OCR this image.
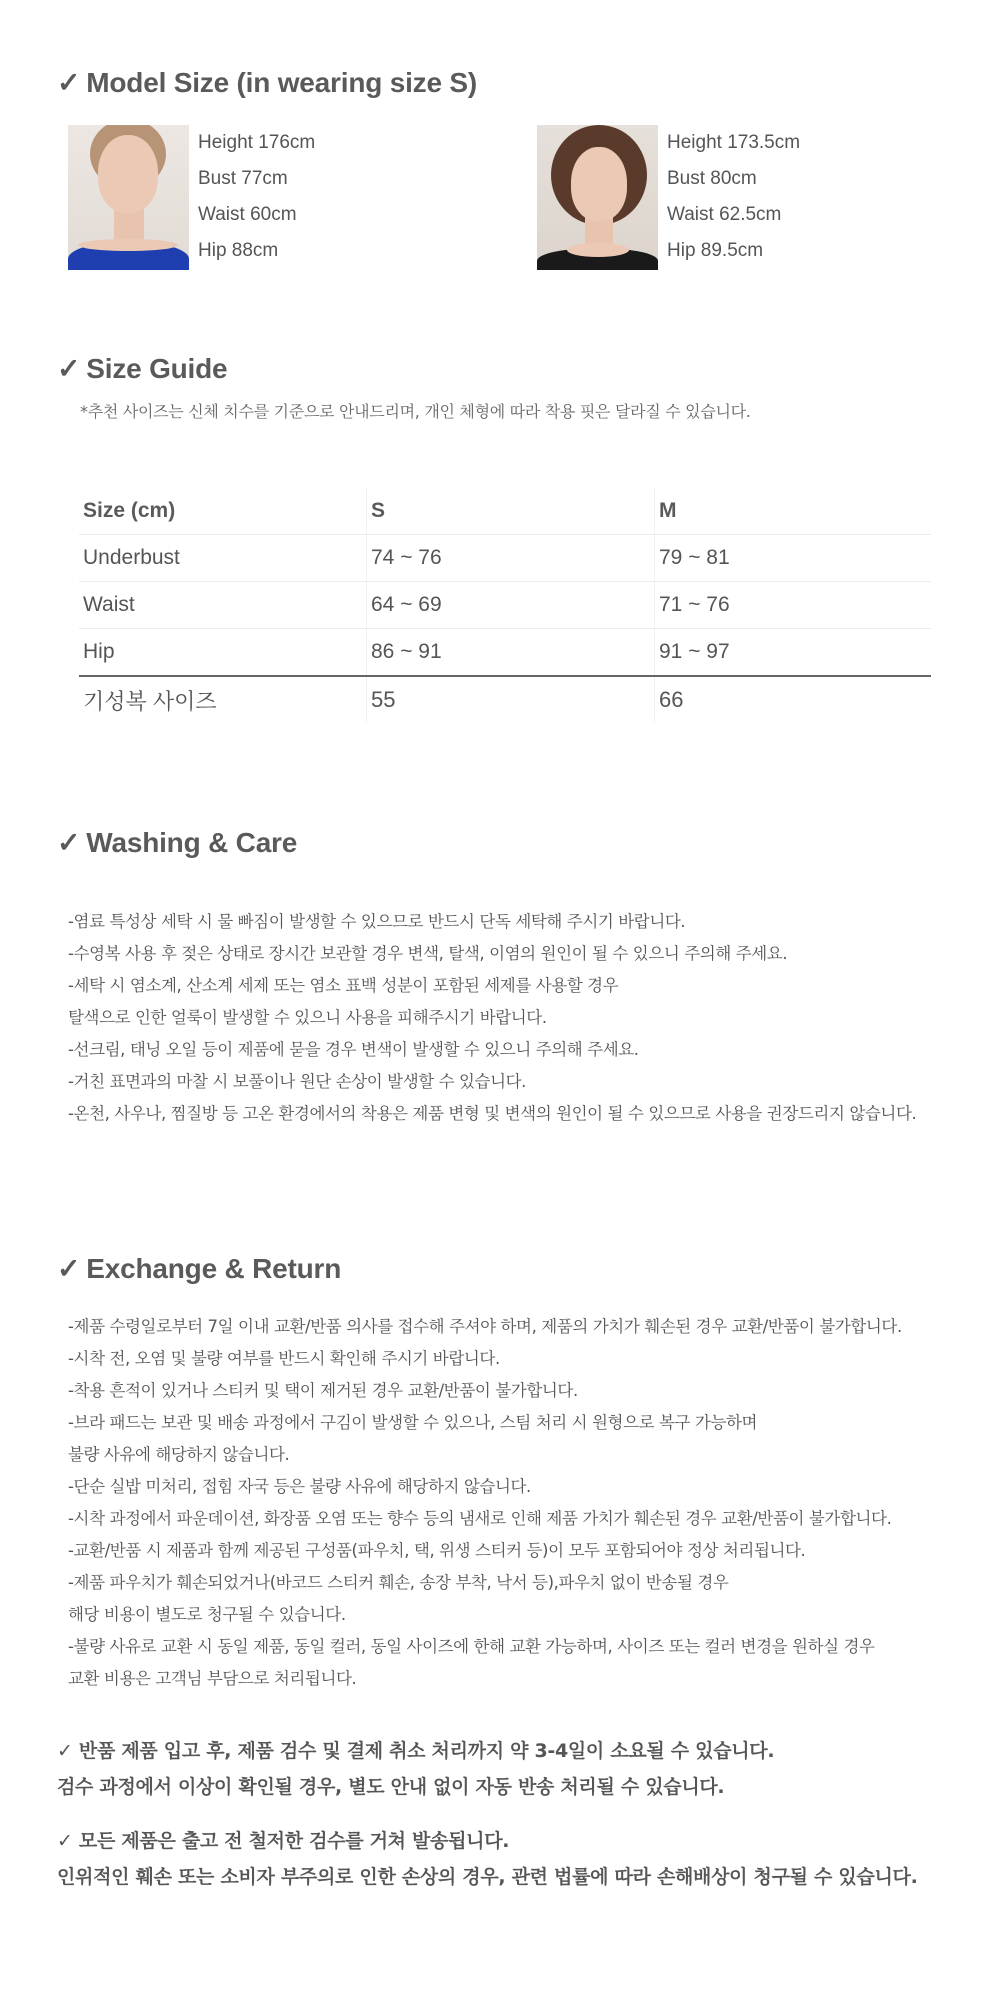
✓ Model Size (in wearing size S)
Height 176cm
Bust 77cm
Waist 60cm
Hip 88cm
Height 173.5cm
Bust 80cm
Waist 62.5cm
Hip 89.5cm
✓ Size Guide

*추천 사이즈는 신체 치수를 기준으로 안내드리며, 개인 체형에 따라 착용 핏은 달라질 수 있습니다.

Size (cm)	S	M
Underbust	74 ~ 76	79 ~ 81
Waist	64 ~ 69	71 ~ 76
Hip	86 ~ 91	91 ~ 97
기성복 사이즈	55	66
✓ Washing & Care
-염료 특성상 세탁 시 물 빠짐이 발생할 수 있으므로 반드시 단독 세탁해 주시기 바랍니다.
-수영복 사용 후 젖은 상태로 장시간 보관할 경우 변색, 탈색, 이염의 원인이 될 수 있으니 주의해 주세요.
-세탁 시 염소계, 산소계 세제 또는 염소 표백 성분이 포함된 세제를 사용할 경우
탈색으로 인한 얼룩이 발생할 수 있으니 사용을 피해주시기 바랍니다.
-선크림, 태닝 오일 등이 제품에 묻을 경우 변색이 발생할 수 있으니 주의해 주세요.
-거친 표면과의 마찰 시 보풀이나 원단 손상이 발생할 수 있습니다.
-온천, 사우나, 찜질방 등 고온 환경에서의 착용은 제품 변형 및 변색의 원인이 될 수 있으므로 사용을 권장드리지 않습니다.
✓ Exchange & Return
-제품 수령일로부터 7일 이내 교환/반품 의사를 접수해 주셔야 하며, 제품의 가치가 훼손된 경우 교환/반품이 불가합니다.
-시착 전, 오염 및 불량 여부를 반드시 확인해 주시기 바랍니다.
-착용 흔적이 있거나 스티커 및 택이 제거된 경우 교환/반품이 불가합니다.
-브라 패드는 보관 및 배송 과정에서 구김이 발생할 수 있으나, 스팀 처리 시 원형으로 복구 가능하며
불량 사유에 해당하지 않습니다.
-단순 실밥 미처리, 접힘 자국 등은 불량 사유에 해당하지 않습니다.
-시착 과정에서 파운데이션, 화장품 오염 또는 향수 등의 냄새로 인해 제품 가치가 훼손된 경우 교환/반품이 불가합니다.
-교환/반품 시 제품과 함께 제공된 구성품(파우치, 택, 위생 스티커 등)이 모두 포함되어야 정상 처리됩니다.
-제품 파우치가 훼손되었거나(바코드 스티커 훼손, 송장 부착, 낙서 등),파우치 없이 반송될 경우
해당 비용이 별도로 청구될 수 있습니다.
-불량 사유로 교환 시 동일 제품, 동일 컬러, 동일 사이즈에 한해 교환 가능하며, 사이즈 또는 컬러 변경을 원하실 경우
교환 비용은 고객님 부담으로 처리됩니다.

✓ 반품 제품 입고 후, 제품 검수 및 결제 취소 처리까지 약 3-4일이 소요될 수 있습니다.

검수 과정에서 이상이 확인될 경우, 별도 안내 없이 자동 반송 처리될 수 있습니다.

✓ 모든 제품은 출고 전 철저한 검수를 거쳐 발송됩니다.

인위적인 훼손 또는 소비자 부주의로 인한 손상의 경우, 관련 법률에 따라 손해배상이 청구될 수 있습니다.
